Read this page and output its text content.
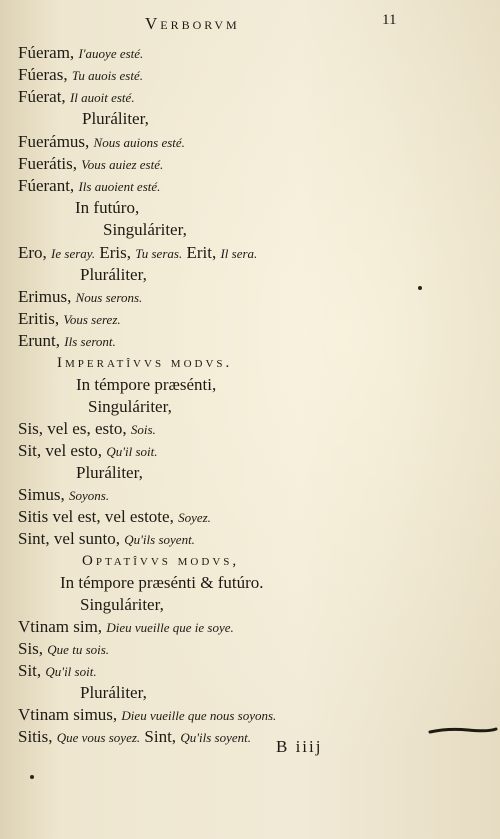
Verborvm	11
Fúeram, I'auoye esté.
Fúeras, Tu auois esté.
Fúerat, Il auoit esté.
Pluráliter,
Fuerámus, Nous auions esté.
Fuerátis, Vous auiez esté.
Fúerant, Ils auoient esté.
In futúro,
Singuláriter,
Ero, Ie seray. Eris, Tu seras. Erit, Il sera.
Pluráliter,
Erimus, Nous serons.
Eritis, Vous serez.
Erunt, Ils seront.
Imperatîvvs modvs.
In témpore præsénti,
Singuláriter,
Sis, vel es, esto, Sois.
Sit, vel esto, Qu'il soit.
Pluráliter,
Simus, Soyons.
Sitis vel est, vel estote, Soyez.
Sint, vel sunto, Qu'ils soyent.
Optatîvvs modvs,
In témpore præsénti & futúro.
Singuláriter,
Vtinam sim, Dieu vueille que ie soye.
Sis, Que tu sois.
Sit, Qu'il soit.
Pluráliter,
Vtinam simus, Dieu vueille que nous soyons.
Sitis, Que vous soyez. Sint, Qu'ils soyent. B iiij
